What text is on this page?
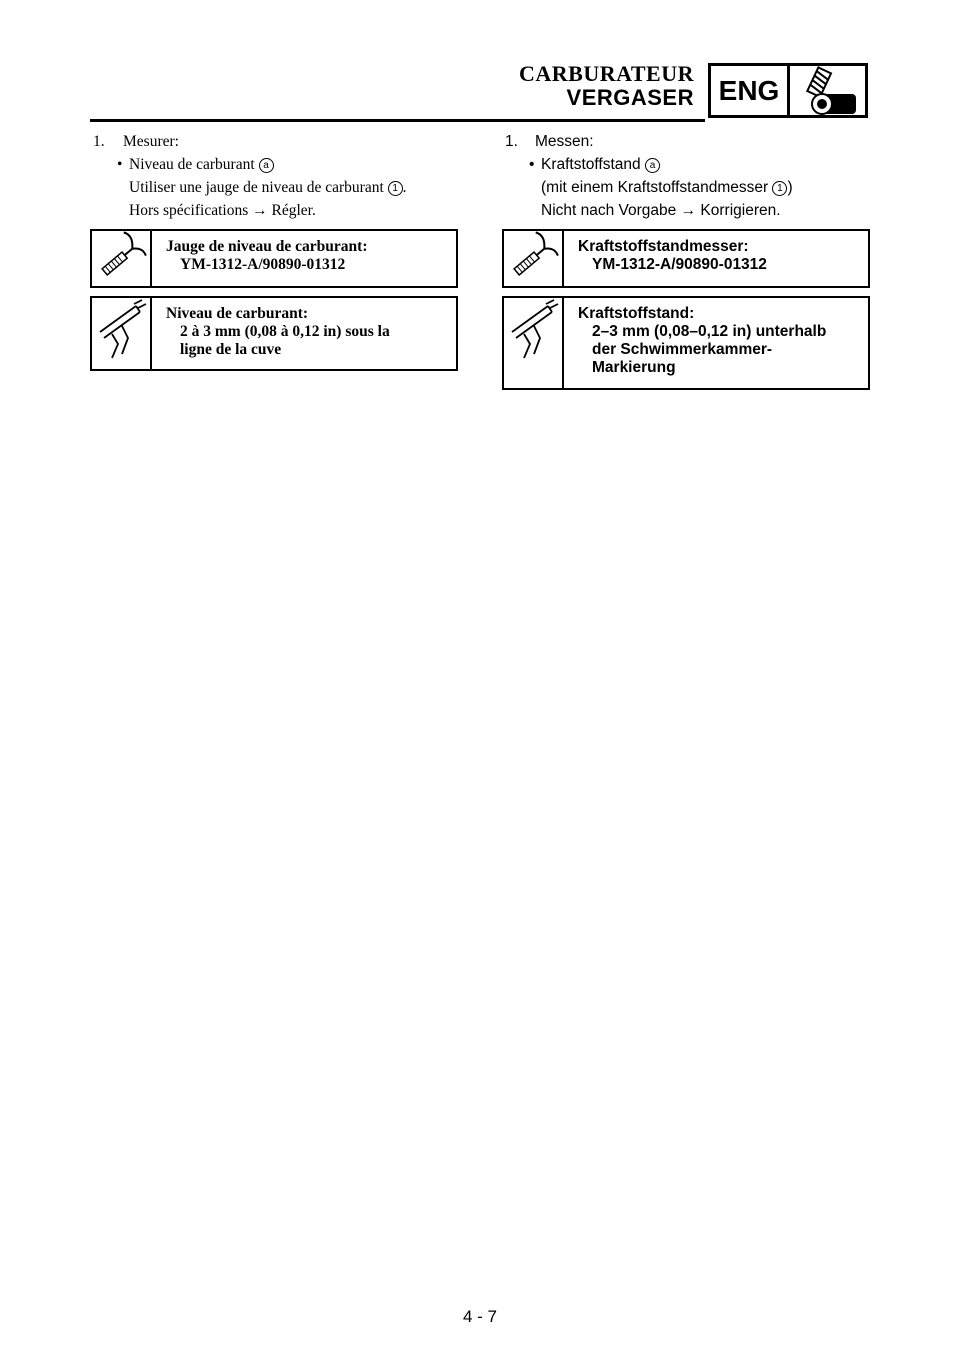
CARBURATEUR
VERGASER ENG
1.	Mesurer:
• Niveau de carburant a
Utiliser une jauge de niveau de carburant 1 .
Hors spécifications → Régler.
Jauge de niveau de carburant:
YM-1312-A/90890-01312
Niveau de carburant:
2 à 3 mm (0,08 à 0,12 in) sous la
ligne de la cuve
1.	Messen:
• Kraftstoffstand a
(mit einem Kraftstoffstandmesser 1 )
Nicht nach Vorgabe → Korrigieren.
Kraftstoffstandmesser:
YM-1312-A/90890-01312
Kraftstoffstand:
2–3 mm (0,08–0,12 in) unterhalb
der Schwimmerkammer-
Markierung
4 - 7
